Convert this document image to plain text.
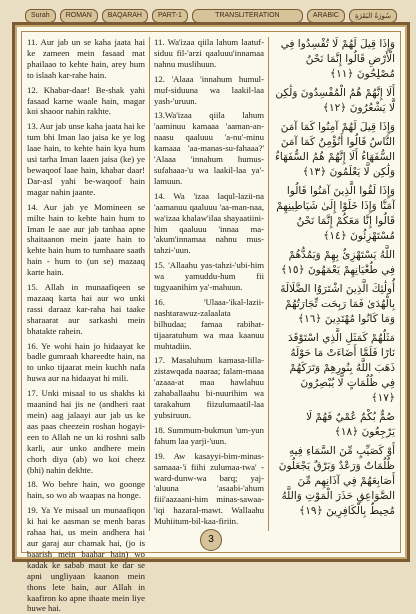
Surah	ROMAN	BAQARAH	PART-1	TRANSLITERATION	ARABIC	سُورَةُ البَقَرَةِ

11. Aur jab un se kaha jaata hai ke zameen mein fasaad mat phailaao to kehte hain, arey hum to islaah kar-rahe hain.

12. Khabar-daar! Be-shak yahi fasaad karne waale hain, magar koi shaoor nahin rakhte.

13. Aur jab unse kaha jaata hai ke tum bhi Iman lao jaisa ke ye log laae hain, to kehte hain kya hum usi tarha Iman laaen jaisa (ke) ye bewaqoof laae hain, khabar daar! Dar-asl yahi be-waqoof hain magar nahin jaante.

14. Aur jab ye Momineen se milte hain to kehte hain hum to Iman le aae aur jab tanhaa apne shaitaanon mein jaate hain to kehte hain hum to tumhaare saath hain - hum to (un se) mazaaq karte hain.

15. Allah in munaafiqeen se mazaaq karta hai aur wo unki rassi daraaz kar-raha hai taake sharaarat aur sarkashi mein bhatakte rahein.

16. Ye wohi hain jo hidaayat ke badle gumraah khareedte hain, na to unko tijaarat mein kuchh nafa huwa aur na hidaayat hi mili.

17. Unki misaal to us shakhs ki maanind hai jis ne (andheri raat mein) aag jalaayi aur jab us ke aas paas cheezein roshan hogayi-een to Allah ne un ki roshni salb karli, aur unko andhere mein chorh diya (ab) wo koi cheez (bhi) nahin dekhte.

18. Wo behre hain, wo goonge hain, so wo ab waapas na honge.

19. Ya Ye misaal un munaafiqon ki hai ke aasman se menh baras rahaa hai, us mein andhera hai aur garaj aur chamak hai, (jo is baarish mein baahar hain) wo kadak ke sabab maut ke dar se apni ungliyaan kaanon mein thons lete hain, aur Allah in kaafiron ko apne ihaate mein liye huwe hai.

11. Wa'izaa qiila lahum laatuf-siduu fil-'arzi qaaluuu'innamaa nahnu muslihuun.

12. 'Alaaa 'innahum humul-muf-siduuna wa laakil-laa yash-'uruun.

13.Wa'izaa qiila lahum 'aaminuu kamaaa 'aaman-an-naasu qaaluuu 'a-nu'-minu kamaaa 'aa-manas-su-fahaaa?' 'Alaaa 'innahum humus-sufahaaa-'u wa laakil-laa ya'-lamuun.

14. Wa 'izaa laqul-lazii-na 'aamanuu qaaluuu 'aa-man-naa, wa'izaa khalaw'ilaa shayaatiini-him qaaluuu 'innaa ma-'akum'innamaa nahnu mus-tahzi-'uun.

15. 'Allaahu yas-tahzi-'ubi-him wa yamuddu-hum fii tugyaanihim ya'-mahuun.

16. 'Ulaaa-'ikal-lazii-nashtarawuz-zalaalata bilhudaa; famaa rabihat-tijaaratuhum wa maa kaanuu muhtadiin.

17. Masaluhum kamasa-lilla-zistawqada naaraa; falam-maaa 'azaaa-at maa hawlahuu zahaballaahu bi-nuurihim wa tarakahum fiizulumaatil-laa yubsiruun.

18. Summum-bukmun 'um-yun fahum laa yarji-'uun.

19. Aw kasayyi-bim-minas-samaaa-'i fiihi zulumaa-twa' -ward-dunw-wa barq; yaj-'aluuna 'asaabi-'ahum fiii'aazaani-him minas-sawaa-'iqi hazaral-mawt. Wallaahu Muhiitum-bil-kaa-firiin.

وَإِذَا قِيلَ لَهُمْ لَا تُفْسِدُوا فِي الْأَرْضِ قَالُوا إِنَّمَا نَحْنُ مُصْلِحُونَ ﴿١١﴾

أَلَا إِنَّهُمْ هُمُ الْمُفْسِدُونَ وَلَٰكِن لَّا يَشْعُرُونَ ﴿١٢﴾

وَإِذَا قِيلَ لَهُمْ آمِنُوا كَمَا آمَنَ النَّاسُ قَالُوا أَنُؤْمِنُ كَمَا آمَنَ السُّفَهَاءُ أَلَا إِنَّهُمْ هُمُ السُّفَهَاءُ وَلَٰكِن لَّا يَعْلَمُونَ ﴿١٣﴾

وَإِذَا لَقُوا الَّذِينَ آمَنُوا قَالُوا آمَنَّا وَإِذَا خَلَوْا إِلَىٰ شَيَاطِينِهِمْ قَالُوا إِنَّا مَعَكُمْ إِنَّمَا نَحْنُ مُسْتَهْزِئُونَ ﴿١٤﴾

اللَّهُ يَسْتَهْزِئُ بِهِمْ وَيَمُدُّهُمْ فِي طُغْيَانِهِمْ يَعْمَهُونَ ﴿١٥﴾

أُولَٰئِكَ الَّذِينَ اشْتَرَوُا الضَّلَالَةَ بِالْهُدَىٰ فَمَا رَبِحَت تِّجَارَتُهُمْ وَمَا كَانُوا مُهْتَدِينَ ﴿١٦﴾

مَثَلُهُمْ كَمَثَلِ الَّذِي اسْتَوْقَدَ نَارًا فَلَمَّا أَضَاءَتْ مَا حَوْلَهُ ذَهَبَ اللَّهُ بِنُورِهِمْ وَتَرَكَهُمْ فِي ظُلُمَاتٍ لَّا يُبْصِرُونَ ﴿١٧﴾

صُمٌّ بُكْمٌ عُمْيٌ فَهُمْ لَا يَرْجِعُونَ ﴿١٨﴾

أَوْ كَصَيِّبٍ مِّنَ السَّمَاءِ فِيهِ ظُلُمَاتٌ وَرَعْدٌ وَبَرْقٌ يَجْعَلُونَ أَصَابِعَهُمْ فِي آذَانِهِم مِّنَ الصَّوَاعِقِ حَذَرَ الْمَوْتِ وَاللَّهُ مُحِيطٌ بِالْكَافِرِينَ ﴿١٩﴾

3
